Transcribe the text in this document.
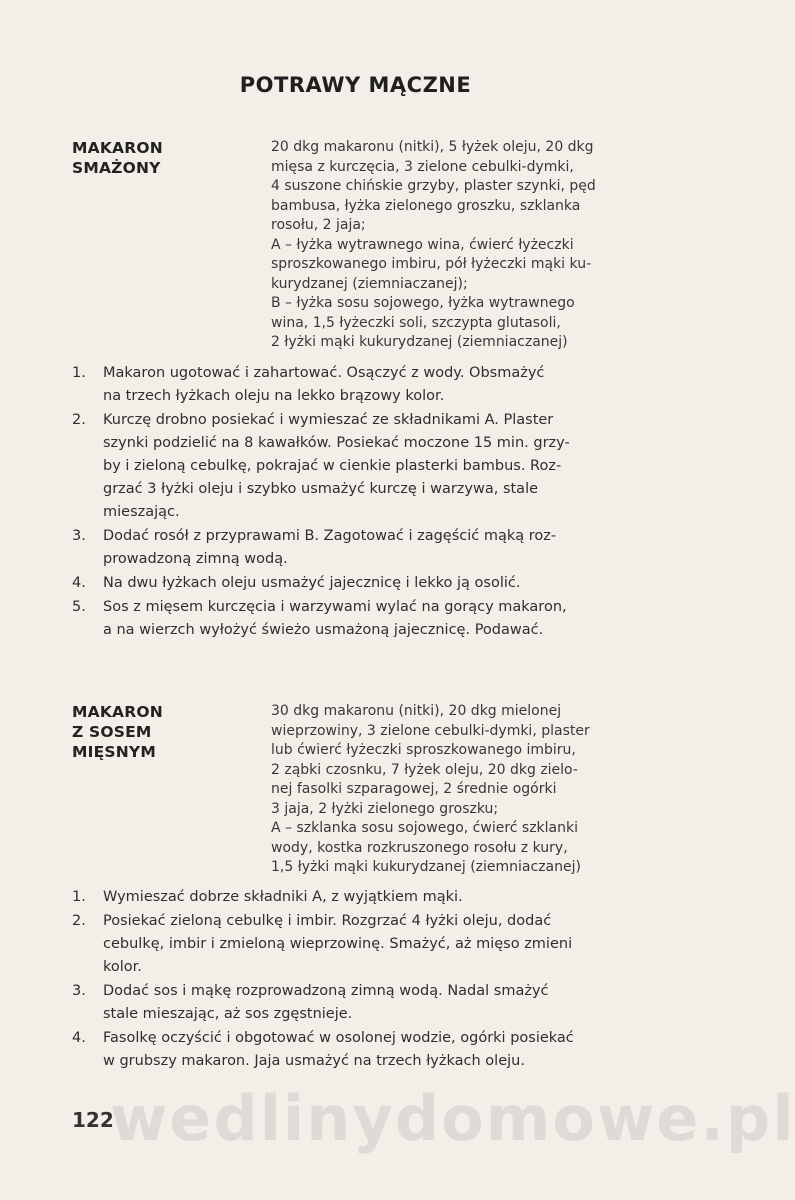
POTRAWY MĄCZNE
MAKARON
SMAŻONY
20 dkg makaronu (nitki), 5 łyżek oleju, 20 dkg
mięsa z kurczęcia, 3 zielone cebulki-dymki,
4 suszone chińskie grzyby, plaster szynki, pęd
bambusa, łyżka zielonego groszku, szklanka
rosołu, 2 jaja;
A – łyżka wytrawnego wina, ćwierć łyżeczki
sproszkowanego imbiru, pół łyżeczki mąki ku-
kurydzanej (ziemniaczanej);
B – łyżka sosu sojowego, łyżka wytrawnego
wina, 1,5 łyżeczki soli, szczypta glutasoli,
2 łyżki mąki kukurydzanej (ziemniaczanej)
1. Makaron ugotować i zahartować. Osączyć z wody. Obsmażyć
na trzech łyżkach oleju na lekko brązowy kolor.
2. Kurczę drobno posiekać i wymieszać ze składnikami A. Plaster
szynki podzielić na 8 kawałków. Posiekać moczone 15 min. grzy-
by i zieloną cebulkę, pokrajać w cienkie plasterki bambus. Roz-
grzać 3 łyżki oleju i szybko usmażyć kurczę i warzywa, stale
mieszając.
3. Dodać rosół z przyprawami B. Zagotować i zagęścić mąką roz-
prowadzoną zimną wodą.
4. Na dwu łyżkach oleju usmażyć jajecznicę i lekko ją osolić.
5. Sos z mięsem kurczęcia i warzywami wylać na gorący makaron,
a na wierzch wyłożyć świeżo usmażoną jajecznicę. Podawać.
MAKARON
Z SOSEM
MIĘSNYM
30 dkg makaronu (nitki), 20 dkg mielonej
wieprzowiny, 3 zielone cebulki-dymki, plaster
lub ćwierć łyżeczki sproszkowanego imbiru,
2 ząbki czosnku, 7 łyżek oleju, 20 dkg zielo-
nej fasolki szparagowej, 2 średnie ogórki
3 jaja, 2 łyżki zielonego groszku;
A – szklanka sosu sojowego, ćwierć szklanki
wody, kostka rozkruszonego rosołu z kury,
1,5 łyżki mąki kukurydzanej (ziemniaczanej)
1. Wymieszać dobrze składniki A, z wyjątkiem mąki.
2. Posiekać zieloną cebulkę i imbir. Rozgrzać 4 łyżki oleju, dodać
cebulkę, imbir i zmieloną wieprzowinę. Smażyć, aż mięso zmieni
kolor.
3. Dodać sos i mąkę rozprowadzoną zimną wodą. Nadal smażyć
stale mieszając, aż sos zgęstnieje.
4. Fasolkę oczyścić i obgotować w osolonej wodzie, ogórki posiekać
w grubszy makaron. Jaja usmażyć na trzech łyżkach oleju.
wedlinydomowe.pl
122
